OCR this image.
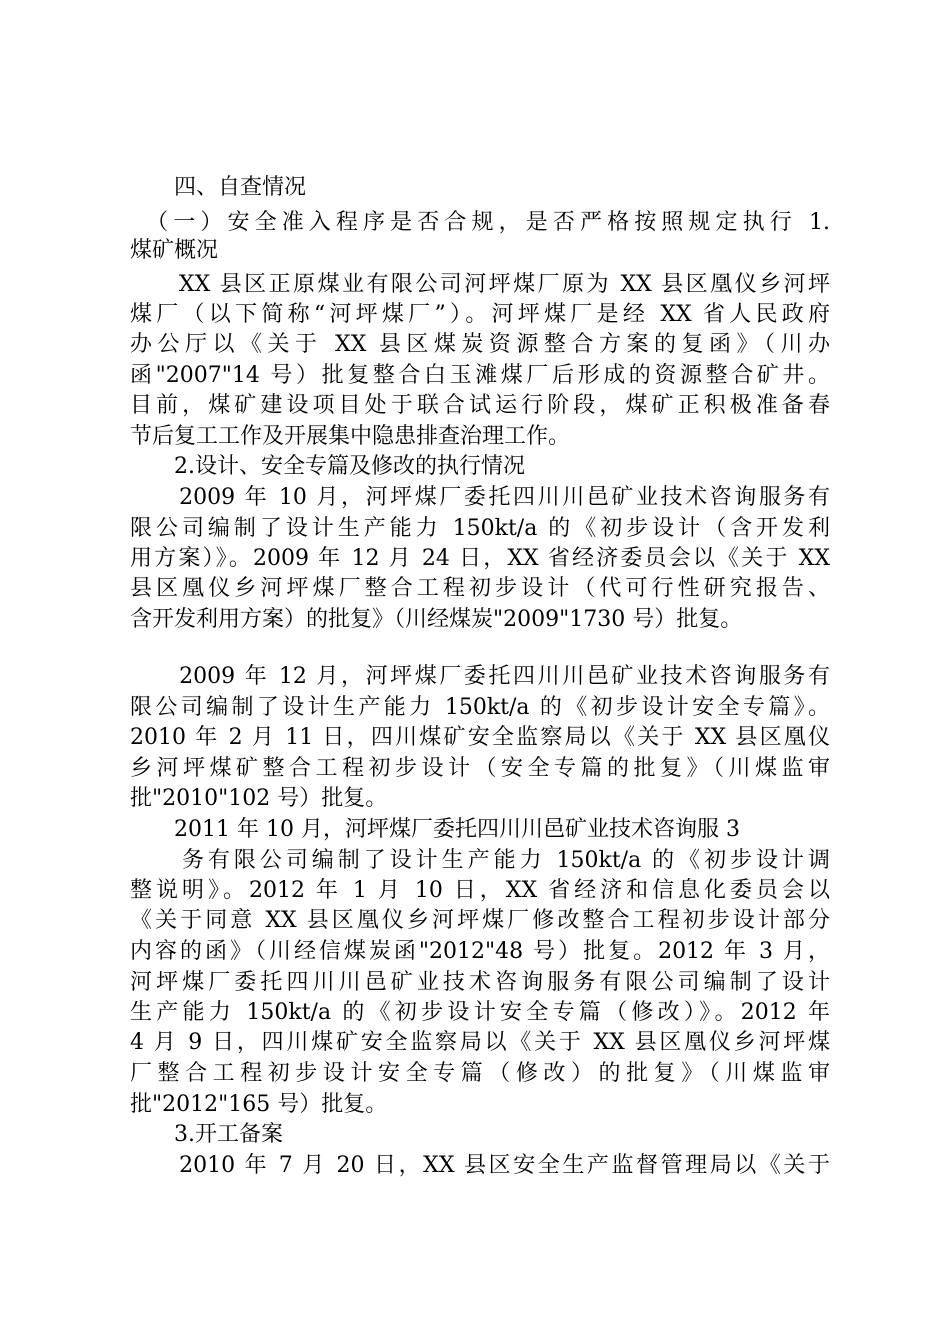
　　四、自查情况
　（一）安全准入程序是否合规，是否严格按照规定执行 1.
煤矿概况
　　XX 县区正原煤业有限公司河坪煤厂原为 XX 县区凰仪乡河坪
煤厂（以下简称“河坪煤厂”）。河坪煤厂是经 XX 省人民政府
办公厅以《关于 XX 县区煤炭资源整合方案的复函》（川办
函"2007"14 号）批复整合白玉滩煤厂后形成的资源整合矿井。
目前，煤矿建设项目处于联合试运行阶段，煤矿正积极准备春
节后复工工作及开展集中隐患排查治理工作。
　　2.设计、安全专篇及修改的执行情况
　　2009 年 10 月，河坪煤厂委托四川川邑矿业技术咨询服务有
限公司编制了设计生产能力 150kt/a 的《初步设计（含开发利
用方案）》。2009 年 12 月 24 日，XX 省经济委员会以《关于 XX
县区凰仪乡河坪煤厂整合工程初步设计（代可行性研究报告、
含开发利用方案）的批复》（川经煤炭"2009"1730 号）批复。
　　2009 年 12 月，河坪煤厂委托四川川邑矿业技术咨询服务有
限公司编制了设计生产能力 150kt/a 的《初步设计安全专篇》。
2010 年 2 月 11 日，四川煤矿安全监察局以《关于 XX 县区凰仪
乡河坪煤矿整合工程初步设计（安全专篇的批复》（川煤监审
批"2010"102 号）批复。
　　2011 年 10 月，河坪煤厂委托四川川邑矿业技术咨询服 3
　　务有限公司编制了设计生产能力 150kt/a 的《初步设计调
整说明》。2012 年 1 月 10 日，XX 省经济和信息化委员会以
《关于同意 XX 县区凰仪乡河坪煤厂修改整合工程初步设计部分
内容的函》（川经信煤炭函"2012"48 号）批复。2012 年 3 月，
河坪煤厂委托四川川邑矿业技术咨询服务有限公司编制了设计
生产能力 150kt/a 的《初步设计安全专篇（修改）》。2012 年
4 月 9 日，四川煤矿安全监察局以《关于 XX 县区凰仪乡河坪煤
厂整合工程初步设计安全专篇（修改）的批复》（川煤监审
批"2012"165 号）批复。
　　3.开工备案
　　2010 年 7 月 20 日，XX 县区安全生产监督管理局以《关于
